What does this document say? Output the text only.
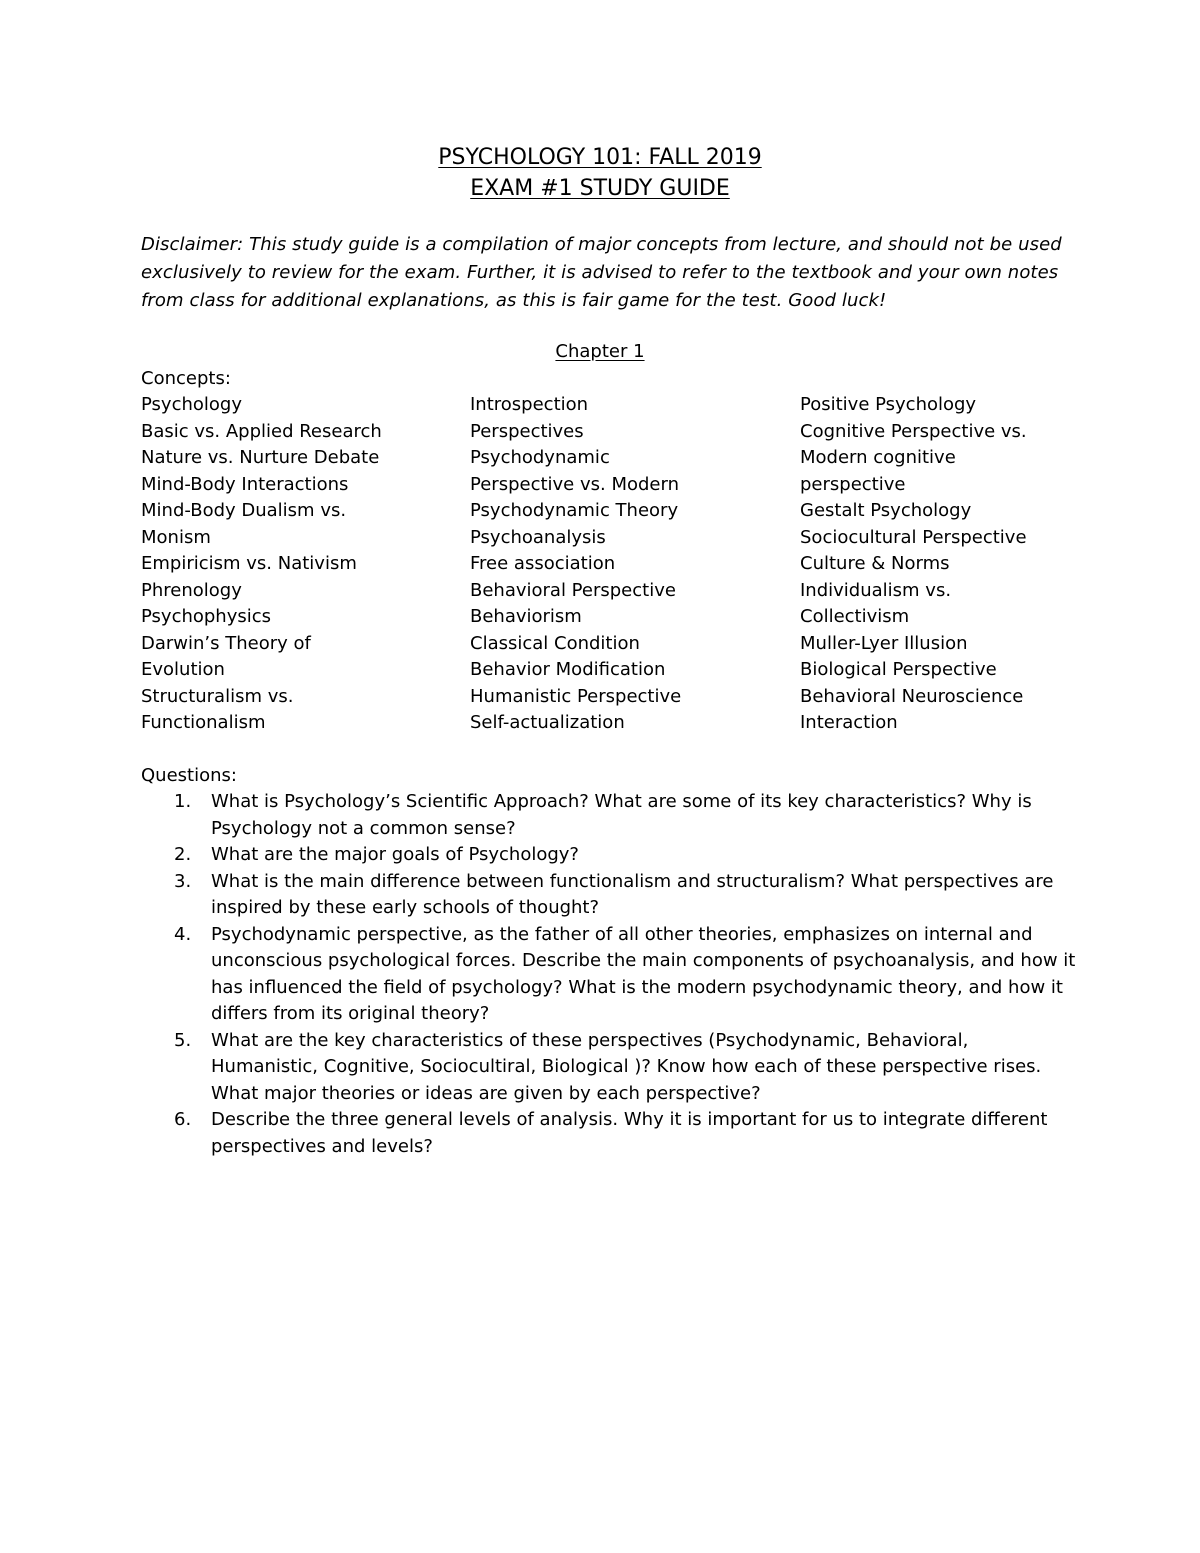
PSYCHOLOGY 101: FALL 2019
EXAM #1 STUDY GUIDE
Disclaimer: This study guide is a compilation of major concepts from lecture, and should not be used exclusively to review for the exam. Further, it is advised to refer to the textbook and your own notes from class for additional explanations, as this is fair game for the test. Good luck!
Chapter 1
Concepts:
Psychology
Basic vs. Applied Research
Nature vs. Nurture Debate
Mind-Body Interactions
Mind-Body Dualism vs.
Monism
Empiricism vs. Nativism
Phrenology
Psychophysics
Darwin’s Theory of
Evolution
Structuralism vs.
Functionalism
Introspection
Perspectives
Psychodynamic
Perspective vs. Modern
Psychodynamic Theory
Psychoanalysis
Free association
Behavioral Perspective
Behaviorism
Classical Condition
Behavior Modification
Humanistic Perspective
Self-actualization
Positive Psychology
Cognitive Perspective vs.
Modern cognitive
perspective
Gestalt Psychology
Sociocultural Perspective
Culture & Norms
Individualism vs.
Collectivism
Muller-Lyer Illusion
Biological Perspective
Behavioral Neuroscience
Interaction
Questions:
1. What is Psychology’s Scientific Approach? What are some of its key characteristics? Why is Psychology not a common sense?
2. What are the major goals of Psychology?
3. What is the main difference between functionalism and structuralism? What perspectives are inspired by these early schools of thought?
4. Psychodynamic perspective, as the father of all other theories, emphasizes on internal and unconscious psychological forces. Describe the main components of psychoanalysis, and how it has influenced the field of psychology? What is the modern psychodynamic theory, and how it differs from its original theory?
5. What are the key characteristics of these perspectives (Psychodynamic, Behavioral, Humanistic, Cognitive, Sociocultiral, Biological )? Know how each of these perspective rises. What major theories or ideas are given by each perspective?
6. Describe the three general levels of analysis. Why it is important for us to integrate different perspectives and levels?
